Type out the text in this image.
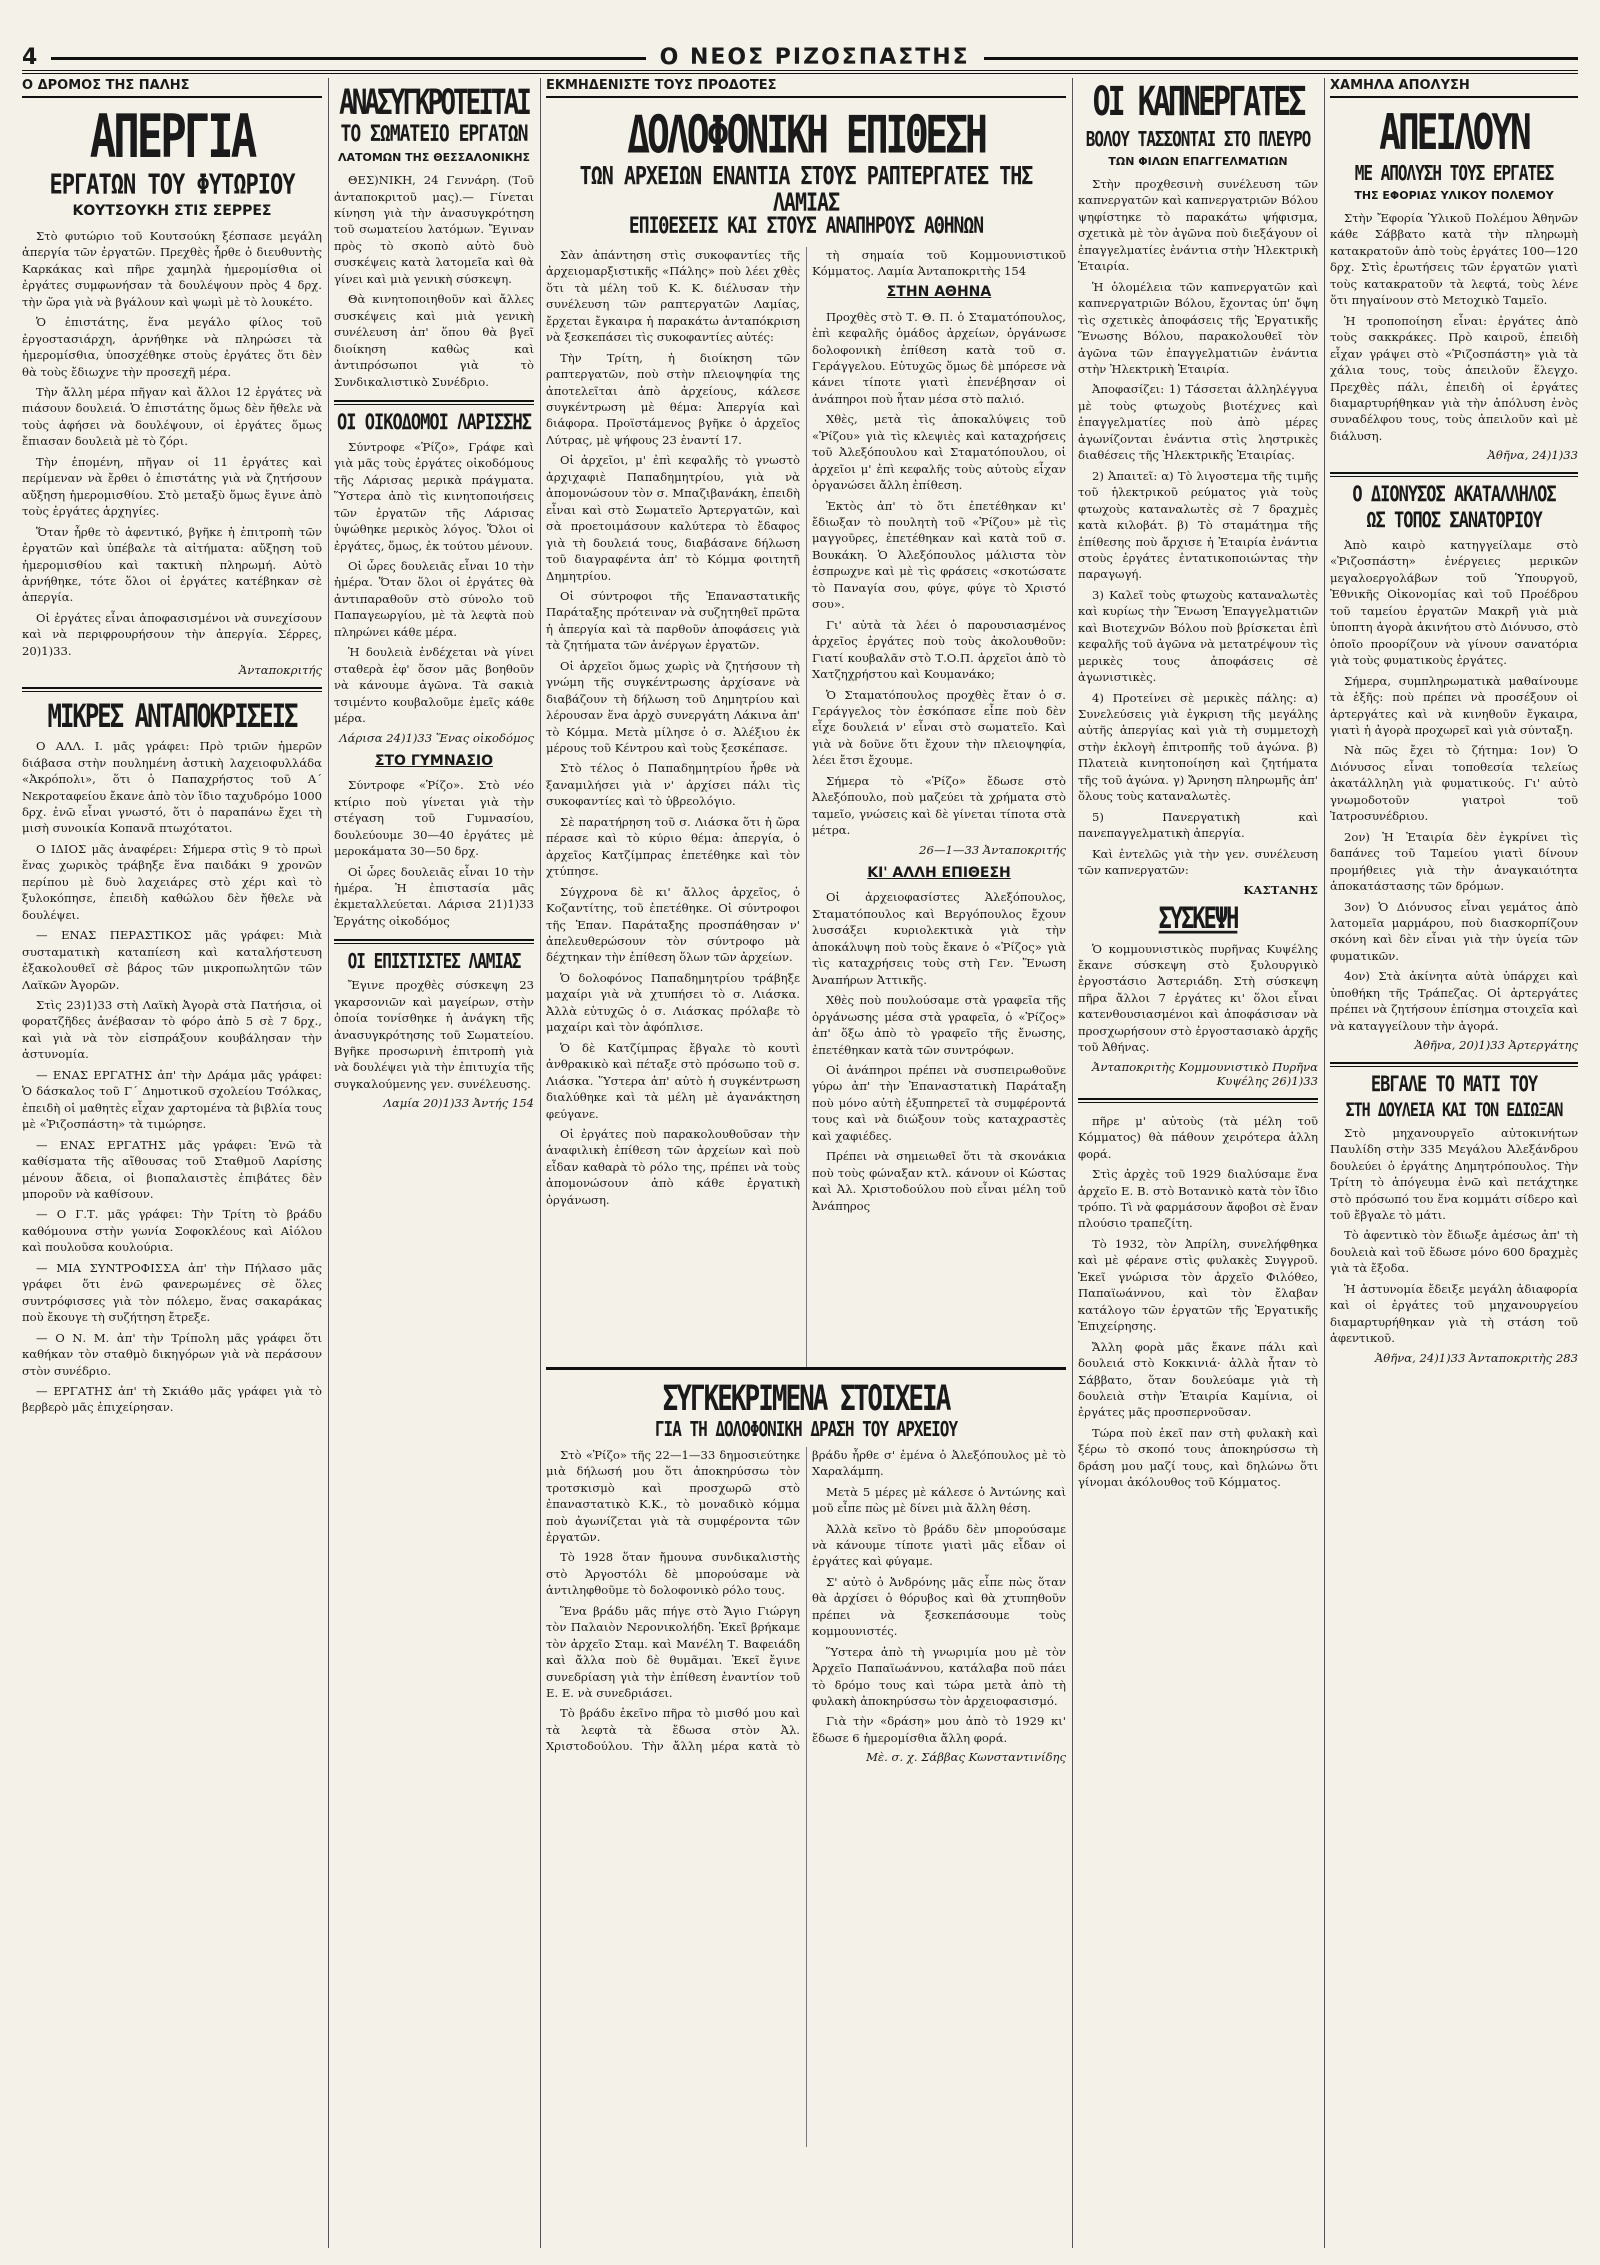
4	Ο ΝΕΟΣ ΡΙΖΟΣΠΑΣΤΗΣ
Ο ΔΡΟΜΟΣ ΤΗΣ ΠΑΛΗΣ
ΑΠΕΡΓΙΑ
ΕΡΓΑΤΩΝ ΤΟΥ ΦΥΤΩΡΙΟΥ
ΚΟΥΤΣΟΥΚΗ ΣΤΙΣ ΣΕΡΡΕΣ

Στὸ φυτώριο τοῦ Κουτσούκη ξέσπασε μεγάλη ἀπεργία τῶν ἐργατῶν. Πρεχθὲς ἦρθε ὁ διευθυντὴς Καρκάκας καὶ πῆρε χαμηλὰ ἡμερομίσθια οἱ ἐργάτες συμφωνήσαν τὰ δουλέψουν πρὸς 4 δρχ. τὴν ὥρα γιὰ νὰ βγάλουν καὶ ψωμὶ μὲ τὸ λουκέτο.

Ὁ ἐπιστάτης, ἕνα μεγάλο φίλος τοῦ ἐργοστασιάρχη, ἀρνήθηκε νὰ πληρώσει τὰ ἡμερομίσθια, ὑποσχέθηκε στοὺς ἐργάτες ὅτι δὲν θὰ τοὺς ἔδιωχνε τὴν προσεχῆ μέρα.

Τὴν ἄλλη μέρα πῆγαν καὶ ἄλλοι 12 ἐργάτες νὰ πιάσουν δουλειά. Ὁ ἐπιστάτης ὅμως δὲν ἤθελε νὰ τοὺς ἀφήσει νὰ δουλέψουν, οἱ ἐργάτες ὅμως ἔπιασαν δουλειὰ μὲ τὸ ζόρι.

Τὴν ἐπομένη, πῆγαν οἱ 11 ἐργάτες καὶ περίμεναν νὰ ἔρθει ὁ ἐπιστάτης γιὰ νὰ ζητήσουν αὔξηση ἡμερομισθίου. Στὸ μεταξὺ ὅμως ἔγινε ἀπὸ τοὺς ἐργάτες ἀρχηγίες.

Ὅταν ἦρθε τὸ ἀφεντικό, βγῆκε ἡ ἐπιτροπὴ τῶν ἐργατῶν καὶ ὑπέβαλε τὰ αἰτήματα: αὔξηση τοῦ ἡμερομισθίου καὶ τακτικὴ πληρωμή. Αὐτὸ ἀρνήθηκε, τότε ὅλοι οἱ ἐργάτες κατέβηκαν σὲ ἀπεργία.

Οἱ ἐργάτες εἶναι ἀποφασισμένοι νὰ συνεχίσουν καὶ νὰ περιφρουρήσουν τὴν ἀπεργία. Σέρρες, 20)1)33.

Ἀνταποκριτής
ΜΙΚΡΕΣ ΑΝΤΑΠΟΚΡΙΣΕΙΣ

Ο ΑΛΛ. Ι. μᾶς γράφει: Πρὸ τριῶν ἡμερῶν διάβασα στὴν πουλημένη ἀστικὴ λαχειοφυλλάδα «Ἀκρόπολι», ὅτι ὁ Παπαχρήστος τοῦ Α΄ Νεκροταφείου ἔκανε ἀπὸ τὸν ἴδιο ταχυδρόμο 1000 δρχ. ἐνῶ εἶναι γνωστό, ὅτι ὁ παραπάνω ἔχει τὴ μισὴ συνοικία Κοπανᾶ πτωχότατοι.

Ο ΙΔΙΟΣ μᾶς ἀναφέρει: Σήμερα στὶς 9 τὸ πρωὶ ἕνας χωρικὸς τράβηξε ἕνα παιδάκι 9 χρονῶν περίπου μὲ δυὸ λαχειάρες στὸ χέρι καὶ τὸ ξυλοκόπησε, ἐπειδὴ καθώλου δὲν ἤθελε νὰ δουλέψει.

— ΕΝΑΣ ΠΕΡΑΣΤΙΚΟΣ μᾶς γράφει: Μιὰ συσταματικὴ καταπίεση καὶ καταλήστευση ἐξακολουθεῖ σὲ βάρος τῶν μικροπωλητῶν τῶν Λαϊκῶν Ἀγορῶν.

Στὶς 23)1)33 στὴ Λαϊκὴ Ἀγορὰ στὰ Πατήσια, οἱ φορατζῆδες ἀνέβασαν τὸ φόρο ἀπὸ 5 σὲ 7 δρχ., καὶ γιὰ νὰ τὸν εἰσπράξουν κουβάλησαν τὴν ἀστυνομία.

— ΕΝΑΣ ΕΡΓΑΤΗΣ ἀπ' τὴν Δράμα μᾶς γράφει: Ὁ δάσκαλος τοῦ Γ΄ Δημοτικοῦ σχολείου Τσόλκας, ἐπειδὴ οἱ μαθητὲς εἶχαν χαρτομένα τὰ βιβλία τους μὲ «Ῥιζοσπάστη» τὰ τιμώρησε.

— ΕΝΑΣ ΕΡΓΑΤΗΣ μᾶς γράφει: Ἐνῶ τὰ καθίσματα τῆς αἴθουσας τοῦ Σταθμοῦ Λαρίσης μένουν ἄδεια, οἱ βιοπαλαιστὲς ἐπιβάτες δὲν μποροῦν νὰ καθίσουν.

— Ο Γ.Τ. μᾶς γράφει: Τὴν Τρίτη τὸ βράδυ καθόμουνα στὴν γωνία Σοφοκλέους καὶ Αἰόλου καὶ πουλοῦσα κουλούρια.

— ΜΙΑ ΣΥΝΤΡΟΦΙΣΣΑ ἀπ' τὴν Πήλασο μᾶς γράφει ὅτι ἐνῶ φανερωμένες σὲ ὅλες συντρόφισσες γιὰ τὸν πόλεμο, ἕνας σακαράκας ποὺ ἔκουγε τὴ συζήτηση ἔτρεξε.

— Ο Ν. Μ. ἀπ' τὴν Τρίπολη μᾶς γράφει ὅτι καθήκαν τὸν σταθμὸ δικηγόρων γιὰ νὰ περάσουν στὸν συνέδριο.

— ΕΡΓΑΤΗΣ ἀπ' τὴ Σκιάθο μᾶς γράφει γιὰ τὸ βερβερὸ μᾶς ἐπιχείρησαν.

ΑΝΑΣΥΓΚΡΟΤΕΙΤΑΙ
ΤΟ ΣΩΜΑΤΕΙΟ ΕΡΓΑΤΩΝ
ΛΑΤΟΜΩΝ ΤΗΣ ΘΕΣΣΑΛΟΝΙΚΗΣ

ΘΕΣ)ΝΙΚΗ, 24 Γεννάρη. (Τοῦ ἀνταποκριτοῦ μας).— Γίνεται κίνηση γιὰ τὴν ἀνασυγκρότηση τοῦ σωματείου λατόμων. Ἔγιναν πρὸς τὸ σκοπὸ αὐτὸ δυὸ συσκέψεις κατὰ λατομεῖα καὶ θὰ γίνει καὶ μιὰ γενικὴ σύσκεψη.

Θὰ κινητοποιηθοῦν καὶ ἄλλες συσκέψεις καὶ μιὰ γενικὴ συνέλευση ἀπ' ὅπου θὰ βγεῖ διοίκηση καθὼς καὶ ἀντιπρόσωποι γιὰ τὸ Συνδικαλιστικὸ Συνέδριο.

ΟΙ ΟΙΚΟΔΟΜΟΙ ΛΑΡΙΣΣΗΣ

Σύντροφε «Ῥίζο», Γράφε καὶ γιὰ μᾶς τοὺς ἐργάτες οἰκοδόμους τῆς Λάρισας μερικὰ πράγματα. Ὕστερα ἀπὸ τὶς κινητοποιήσεις τῶν ἐργατῶν τῆς Λάρισας ὑψώθηκε μερικὸς λόγος. Ὅλοι οἱ ἐργάτες, ὅμως, ἐκ τούτου μένουν.

Οἱ ὧρες δουλειᾶς εἶναι 10 τὴν ἡμέρα. Ὅταν ὅλοι οἱ ἐργάτες θὰ ἀντιπαραθοῦν στὸ σύνολο τοῦ Παπαγεωργίου, μὲ τὰ λεφτὰ ποὺ πληρώνει κάθε μέρα.

Ἡ δουλειὰ ἐνδέχεται νὰ γίνει σταθερὰ ἐφ' ὅσον μᾶς βοηθοῦν νὰ κάνουμε ἀγῶνα. Τὰ σακιὰ τσιμέντο κουβαλοῦμε ἐμεῖς κάθε μέρα.

Λάρισα 24)1)33 Ἕνας οἰκοδόμος
ΣΤΟ ΓΥΜΝΑΣΙΟ

Σύντροφε «Ῥίζο». Στὸ νέο κτίριο ποὺ γίνεται γιὰ τὴν στέγαση τοῦ Γυμνασίου, δουλεύουμε 30—40 ἐργάτες μὲ μεροκάματα 30—50 δρχ.

Οἱ ὧρες δουλειᾶς εἶναι 10 τὴν ἡμέρα. Ἡ ἐπιστασία μᾶς ἐκμεταλλεύεται. Λάρισα 21)1)33 Ἐργάτης οἰκοδόμος

ΟΙ ΕΠΙΣΤΙΣΤΕΣ ΛΑΜΙΑΣ

Ἔγινε προχθὲς σύσκεψη 23 γκαρσονιῶν καὶ μαγείρων, στὴν ὁποία τονίσθηκε ἡ ἀνάγκη τῆς ἀνασυγκρότησης τοῦ Σωματείου. Βγῆκε προσωρινὴ ἐπιτροπὴ γιὰ νὰ δουλέψει γιὰ τὴν ἐπιτυχία τῆς συγκαλούμενης γεν. συνέλευσης.

Λαμία 20)1)33 Ἀντής 154
ΕΚΜΗΔΕΝΙΣΤΕ ΤΟΥΣ ΠΡΟΔΟΤΕΣ
ΔΟΛΟΦΟΝΙΚΗ ΕΠΙΘΕΣΗ
ΤΩΝ ΑΡΧΕΙΩΝ ΕΝΑΝΤΙΑ ΣΤΟΥΣ ΡΑΠΤΕΡΓΑΤΕΣ ΤΗΣ ΛΑΜΙΑΣ
ΕΠΙΘΕΣΕΙΣ ΚΑΙ ΣΤΟΥΣ ΑΝΑΠΗΡΟΥΣ ΑΘΗΝΩΝ

Σὰν ἀπάντηση στὶς συκοφαντίες τῆς ἀρχειομαρξιστικῆς «Πάλης» ποὺ λέει χθὲς ὅτι τὰ μέλη τοῦ Κ. Κ. διέλυσαν τὴν συνέλευση τῶν ραπτεργατῶν Λαμίας, ἔρχεται ἔγκαιρα ἡ παρακάτω ἀνταπόκριση νὰ ξεσκεπάσει τὶς συκοφαντίες αὐτές:

Τὴν Τρίτη, ἡ διοίκηση τῶν ραπτεργατῶν, ποὺ στὴν πλειοψηφία της ἀποτελεῖται ἀπὸ ἀρχείους, κάλεσε συγκέντρωση μὲ θέμα: Ἀπεργία καὶ διάφορα. Προϊστάμενος βγῆκε ὁ ἀρχεῖος Λύτρας, μὲ ψήφους 23 ἐναντί 17.

Οἱ ἀρχεῖοι, μ' ἐπὶ κεφαλῆς τὸ γνωστὸ ἀρχιχαφιὲ Παπαδημητρίου, γιὰ νὰ ἀπομονώσουν τὸν σ. Μπαζιβανάκη, ἐπειδὴ εἶναι καὶ στὸ Σωματεῖο Ἀρτεργατῶν, καὶ σὰ προετοιμάσουν καλύτερα τὸ ἔδαφος γιὰ τὴ δουλειά τους, διαβάσανε δήλωση τοῦ διαγραφέντα ἀπ' τὸ Κόμμα φοιτητῆ Δημητρίου.

Οἱ σύντροφοι τῆς Ἐπαναστατικῆς Παράταξης πρότειναν νὰ συζητηθεῖ πρῶτα ἡ ἀπεργία καὶ τὰ παρθοῦν ἀποφάσεις γιὰ τὰ ζητήματα τῶν ἀνέργων ἐργατῶν.

Οἱ ἀρχεῖοι ὅμως χωρὶς νὰ ζητήσουν τὴ γνώμη τῆς συγκέντρωσης ἀρχίσανε νὰ διαβάζουν τὴ δήλωση τοῦ Δημητρίου καὶ λέρουσαν ἕνα ἀρχὸ συνεργάτη Λάκινα ἀπ' τὸ Κόμμα. Μετὰ μίλησε ὁ σ. Ἀλέξιου ἐκ μέρους τοῦ Κέντρου καὶ τοὺς ξεσκέπασε.

Στὸ τέλος ὁ Παπαδημητρίου ἦρθε νὰ ξαναμιλήσει γιὰ ν' ἀρχίσει πάλι τὶς συκοφαντίες καὶ τὸ ὑβρεολόγιο.

Σὲ παρατήρηση τοῦ σ. Λιάσκα ὅτι ἡ ὥρα πέρασε καὶ τὸ κύριο θέμα: ἀπεργία, ὁ ἀρχεῖος Κατζίμπρας ἐπετέθηκε καὶ τὸν χτύπησε.

Σύγχρονα δὲ κι' ἄλλος ἀρχεῖος, ὁ Κοζαντίτης, τοῦ ἐπετέθηκε. Οἱ σύντροφοι τῆς Ἐπαν. Παράταξης προσπάθησαν ν' ἀπελευθερώσουν τὸν σύντροφο μὰ δέχτηκαν τὴν ἐπίθεση ὅλων τῶν ἀρχείων.

Ὁ δολοφόνος Παπαδημητρίου τράβηξε μαχαίρι γιὰ νὰ χτυπήσει τὸ σ. Λιάσκα. Ἀλλὰ εὐτυχῶς ὁ σ. Λιάσκας πρόλαβε τὸ μαχαίρι καὶ τὸν ἀφόπλισε.

Ὁ δὲ Κατζίμπρας ἔβγαλε τὸ κουτὶ ἀνθρακικὸ καὶ πέταξε στὸ πρόσωπο τοῦ σ. Λιάσκα. Ὕστερα ἀπ' αὐτὸ ἡ συγκέντρωση διαλύθηκε καὶ τὰ μέλη μὲ ἀγανάκτηση φεύγανε.

Οἱ ἐργάτες ποὺ παρακολουθοῦσαν τὴν ἀναφιλικὴ ἐπίθεση τῶν ἀρχείων καὶ ποὺ εἶδαν καθαρὰ τὸ ρόλο της, πρέπει νὰ τοὺς ἀπομονώσουν ἀπὸ κάθε ἐργατικὴ ὀργάνωση.

τὴ σημαία τοῦ Κομμουνιστικοῦ Κόμματος. Λαμία Ἀνταποκριτὴς 154

ΣΤΗΝ ΑΘΗΝΑ

Προχθὲς στὸ Τ. Θ. Π. ὁ Σταματόπουλος, ἐπὶ κεφαλῆς ὁμάδος ἀρχείων, ὀργάνωσε δολοφονικὴ ἐπίθεση κατὰ τοῦ σ. Γεράγγελου. Εὐτυχῶς ὅμως δὲ μπόρεσε νὰ κάνει τίποτε γιατὶ ἐπενέβησαν οἱ ἀνάπηροι ποὺ ἦταν μέσα στὸ παλιό.

Χθὲς, μετὰ τὶς ἀποκαλύψεις τοῦ «Ῥίζου» γιὰ τὶς κλεψιὲς καὶ καταχρήσεις τοῦ Ἀλεξόπουλου καὶ Σταματόπουλου, οἱ ἀρχεῖοι μ' ἐπὶ κεφαλῆς τοὺς αὐτοὺς εἶχαν ὀργανώσει ἄλλη ἐπίθεση.

Ἐκτὸς ἀπ' τὸ ὅτι ἐπετέθηκαν κι' ἔδιωξαν τὸ πουλητὴ τοῦ «Ῥίζου» μὲ τὶς μαγγοῦρες, ἐπετέθηκαν καὶ κατὰ τοῦ σ. Βουκάκη. Ὁ Ἀλεξόπουλος μάλιστα τὸν ἐσπρωχνε καὶ μὲ τὶς φράσεις «σκοτώσατε τὸ Παναγία σου, φύγε, φύγε τὸ Χριστό σου».

Γι' αὐτὰ τὰ λέει ὁ παρουσιασμένος ἀρχεῖος ἐργάτες ποὺ τοὺς ἀκολουθοῦν: Γιατί κουβαλᾶν στὸ Τ.Ο.Π. ἀρχεῖοι ἀπὸ τὸ Χατζηχρήστου καὶ Κουμανάκο;

Ὁ Σταματόπουλος προχθὲς ἔταν ὁ σ. Γεράγγελος τὸν ἐσκόπασε εἶπε ποὺ δὲν εἶχε δουλειά ν' εἶναι στὸ σωματεῖο. Καὶ γιὰ νὰ δοῦνε ὅτι ἔχουν τὴν πλειοψηφία, λέει ἔτσι ἔχουμε.

Σήμερα τὸ «Ῥίζο» ἔδωσε στὸ Ἀλεξόπουλο, ποὺ μαζεύει τὰ χρήματα στὸ ταμεῖο, γνώσεις καὶ δὲ γίνεται τίποτα στὰ μέτρα.

26—1—33 Ἀνταποκριτής
ΚΙ' ΑΛΛΗ ΕΠΙΘΕΣΗ

Οἱ ἀρχειοφασίστες Ἀλεξόπουλος, Σταματόπουλος καὶ Βεργόπουλος ἔχουν λυσσάξει κυριολεκτικὰ γιὰ τὴν ἀποκάλυψη ποὺ τοὺς ἔκανε ὁ «Ῥίζος» γιὰ τὶς καταχρήσεις τοὺς στὴ Γεν. Ἕνωση Ἀναπήρων Ἀττικῆς.

Χθὲς ποὺ πουλούσαμε στὰ γραφεῖα τῆς ὀργάνωσης μέσα στὰ γραφεῖα, ὁ «Ῥίζος» ἀπ' ὅξω ἀπὸ τὸ γραφεῖο τῆς ἔνωσης, ἐπετέθηκαν κατὰ τῶν συντρόφων.

Οἱ ἀνάπηροι πρέπει νὰ συσπειρωθοῦνε γύρω ἀπ' τὴν Ἐπαναστατικὴ Παράταξη ποὺ μόνο αὐτὴ ἐξυπηρετεῖ τὰ συμφέροντά τους καὶ νὰ διώξουν τοὺς καταχραστὲς καὶ χαφιέδες.

Πρέπει νὰ σημειωθεῖ ὅτι τὰ σκονάκια ποὺ τοὺς φώναξαν κτλ. κάνουν οἱ Κώστας καὶ Ἀλ. Χριστοδούλου ποὺ εἶναι μέλη τοῦ Ἀνάπηρος

ΣΥΓΚΕΚΡΙΜΕΝΑ ΣΤΟΙΧΕΙΑ
ΓΙΑ ΤΗ ΔΟΛΟΦΟΝΙΚΗ ΔΡΑΣΗ ΤΟΥ ΑΡΧΕΙΟΥ

Στὸ «Ῥίζο» τῆς 22—1—33 δημοσιεύτηκε μιὰ δήλωσή μου ὅτι ἀποκηρύσσω τὸν τροτσκισμὸ καὶ προσχωρῶ στὸ ἐπαναστατικὸ Κ.Κ., τὸ μοναδικὸ κόμμα ποὺ ἀγωνίζεται γιὰ τὰ συμφέροντα τῶν ἐργατῶν.

Τὸ 1928 ὅταν ἤμουνα συνδικαλιστὴς στὸ Ἀργοστόλι δὲ μπορούσαμε νὰ ἀντιληφθοῦμε τὸ δολοφονικὸ ρόλο τους.

Ἕνα βράδυ μᾶς πήγε στὸ Ἄγιο Γιώργη τὸν Παλαιὸν Νερονικολήδη. Ἐκεῖ βρήκαμε τὸν ἀρχεῖο Σταμ. καὶ Μανέλη Τ. Βαφειάδη καὶ ἄλλα ποὺ δὲ θυμᾶμαι. Ἐκεῖ ἔγινε συνεδρίαση γιὰ τὴν ἐπίθεση ἐναντίον τοῦ Ε. Ε. νὰ συνεδριάσει.

Τὸ βράδυ ἐκεῖνο πῆρα τὸ μισθό μου καὶ τὰ λεφτὰ τὰ ἔδωσα στὸν Ἀλ. Χριστοδούλου. Τὴν ἄλλη μέρα κατὰ τὸ βράδυ ἦρθε σ' ἐμένα ὁ Ἀλεξόπουλος μὲ τὸ Χαραλάμπη.

Μετὰ 5 μέρες μὲ κάλεσε ὁ Ἀντώνης καὶ μοῦ εἶπε πὼς μὲ δίνει μιὰ ἄλλη θέση.

Ἀλλὰ κεῖνο τὸ βράδυ δὲν μπορούσαμε νὰ κάνουμε τίποτε γιατὶ μᾶς εἶδαν οἱ ἐργάτες καὶ φύγαμε.

Σ' αὐτὸ ὁ Ἀνδρόνης μᾶς εἶπε πὼς ὅταν θὰ ἀρχίσει ὁ θόρυβος καὶ θὰ χτυπηθοῦν πρέπει νὰ ξεσκεπάσουμε τοὺς κομμουνιστές.

Ὕστερα ἀπὸ τὴ γνωριμία μου μὲ τὸν Ἀρχεῖο Παπαϊωάννου, κατάλαβα ποῦ πάει τὸ δρόμο τους καὶ τώρα μετὰ ἀπὸ τὴ φυλακὴ ἀποκηρύσσω τὸν ἀρχειοφασισμό.

Γιὰ τὴν «δράση» μου ἀπὸ τὸ 1929 κι' ἔδωσε 6 ἡμερομίσθια ἄλλη φορά.

Μὲ. σ. χ. Σάββας Κωνσταντινίδης
ΟΙ ΚΑΠΝΕΡΓΑΤΕΣ
ΒΟΛΟΥ ΤΑΣΣΟΝΤΑΙ ΣΤΟ ΠΛΕΥΡΟ
ΤΩΝ ΦΙΛΩΝ ΕΠΑΓΓΕΛΜΑΤΙΩΝ

Στὴν προχθεσινὴ συνέλευση τῶν καπνεργατῶν καὶ καπνεργατριῶν Βόλου ψηφίστηκε τὸ παρακάτω ψήφισμα, σχετικὰ μὲ τὸν ἀγῶνα ποὺ διεξάγουν οἱ ἐπαγγελματίες ἐνάντια στὴν Ἠλεκτρικὴ Ἑταιρία.

Ἡ ὁλομέλεια τῶν καπνεργατῶν καὶ καπνεργατριῶν Βόλου, ἔχοντας ὑπ' ὄψη τὶς σχετικὲς ἀποφάσεις τῆς Ἐργατικῆς Ἕνωσης Βόλου, παρακολουθεῖ τὸν ἀγῶνα τῶν ἐπαγγελματιῶν ἐνάντια στὴν Ἠλεκτρικὴ Ἑταιρία.

Ἀποφασίζει: 1) Τάσσεται ἀλληλέγγυα μὲ τοὺς φτωχοὺς βιοτέχνες καὶ ἐπαγγελματίες ποὺ ἀπὸ μέρες ἀγωνίζονται ἐνάντια στὶς ληστρικὲς διαθέσεις τῆς Ἠλεκτρικῆς Ἑταιρίας.

2) Ἀπαιτεῖ: α) Τὸ λιγοστεμα τῆς τιμῆς τοῦ ἠλεκτρικοῦ ρεύματος γιὰ τοὺς φτωχοὺς καταναλωτὲς σὲ 7 δραχμὲς κατὰ κιλοβάτ. β) Τὸ σταμάτημα τῆς ἐπίθεσης ποὺ ἄρχισε ἡ Ἑταιρία ἐνάντια στοὺς ἐργάτες ἐντατικοποιώντας τὴν παραγωγή.

3) Καλεῖ τοὺς φτωχοὺς καταναλωτὲς καὶ κυρίως τὴν Ἕνωση Ἐπαγγελματιῶν καὶ Βιοτεχνῶν Βόλου ποὺ βρίσκεται ἐπὶ κεφαλῆς τοῦ ἀγῶνα νὰ μετατρέψουν τὶς μερικὲς τους ἀποφάσεις σὲ ἀγωνιστικὲς.

4) Προτείνει σὲ μερικὲς πάλης: α) Συνελεύσεις γιὰ ἐγκριση τῆς μεγάλης αὐτῆς ἀπεργίας καὶ γιὰ τὴ συμμετοχὴ στὴν ἐκλογὴ ἐπιτροπῆς τοῦ ἀγώνα. β) Πλατειὰ κινητοποίηση καὶ ζητήματα τῆς τοῦ ἀγώνα. γ) Ἄρνηση πληρωμῆς ἀπ' ὅλους τοὺς καταναλωτὲς.

5) Πανεργατικὴ καὶ πανεπαγγελματικὴ ἀπεργία.

Καὶ ἐντελῶς γιὰ τὴν γεν. συνέλευση τῶν καπνεργατῶν:

ΚΑΣΤΑΝΗΣ
ΣΥΣΚΕΨΗ

Ὁ κομμουνιστικὸς πυρῆνας Κυψέλης ἔκανε σύσκεψη στὸ ξυλουργικὸ ἐργοστάσιο Ἀστεριάδη. Στὴ σύσκεψη πῆρα ἄλλοι 7 ἐργάτες κι' ὅλοι εἶναι κατενθουσιασμένοι καὶ ἀποφάσισαν νὰ προσχωρήσουν στὸ ἐργοστασιακὸ ἀρχῆς τοῦ Ἀθήνας.

Ἀνταποκριτὴς Κομμουνιστικὸ Πυρῆνα Κυψέλης 26)1)33

πῆρε μ' αὐτοὺς (τὰ μέλη τοῦ Κόμματος) θὰ πάθουν χειρότερα ἀλλη φορά.

Στὶς ἀρχὲς τοῦ 1929 διαλύσαμε ἕνα ἀρχεῖο Ε. Β. στὸ Βοτανικὸ κατὰ τὸν ἴδιο τρόπο. Τὶ νὰ φαρμάσουν ἄφοβοι σὲ ἔναν πλούσιο τραπεζίτη.

Τὸ 1932, τὸν Ἀπρίλη, συνελήφθηκα καὶ μὲ φέρανε στὶς φυλακὲς Συγγροῦ. Ἐκεῖ γνώρισα τὸν ἀρχεῖο Φιλόθεο, Παπαϊωάννου, καὶ τὸν ἔλαβαν κατάλογο τῶν ἐργατῶν τῆς Ἐργατικῆς Ἐπιχείρησης.

Ἄλλη φορὰ μᾶς ἔκανε πάλι καὶ δουλειά στὸ Κοκκινιά· ἀλλὰ ἦταν τὸ Σάββατο, ὅταν δουλεύαμε γιὰ τὴ δουλειὰ στὴν Ἑταιρία Καμίνια, οἱ ἐργάτες μᾶς προσπερνοῦσαν.

Τώρα ποὺ ἐκεῖ παν στὴ φυλακὴ καὶ ξέρω τὸ σκοπό τους ἀποκηρύσσω τὴ δράση μου μαζί τους, καὶ δηλώνω ὅτι γίνομαι ἀκόλουθος τοῦ Κόμματος.

ΧΑΜΗΛΑ ΑΠΟΛΥΣΗ
ΑΠΕΙΛΟΥΝ
ΜΕ ΑΠΟΛΥΣΗ ΤΟΥΣ ΕΡΓΑΤΕΣ
ΤΗΣ ΕΦΟΡΙΑΣ ΥΛΙΚΟΥ ΠΟΛΕΜΟΥ

Στὴν Ἔφορία Ὑλικοῦ Πολέμου Ἀθηνῶν κάθε Σάββατο κατὰ τὴν πληρωμὴ κατακρατοῦν ἀπὸ τοὺς ἐργάτες 100—120 δρχ. Στὶς ἐρωτήσεις τῶν ἐργατῶν γιατὶ τοὺς κατακρατοῦν τὰ λεφτά, τοὺς λένε ὅτι πηγαίνουν στὸ Μετοχικὸ Ταμεῖο.

Ἡ τροποποίηση εἶναι: ἐργάτες ἀπὸ τοὺς σακκράκες. Πρὸ καιροῦ, ἐπειδὴ εἶχαν γράψει στὸ «Ῥιζοσπάστη» γιὰ τὰ χάλια τους, τοὺς ἀπειλοῦν ἕλεγχο. Πρεχθὲς πάλι, ἐπειδὴ οἱ ἐργάτες διαμαρτυρήθηκαν γιὰ τὴν ἀπόλυση ἑνὸς συναδέλφου τους, τοὺς ἀπειλοῦν καὶ μὲ διάλυση.

Ἀθῆνα, 24)1)33
Ο ΔΙΟΝΥΣΟΣ ΑΚΑΤΑΛΛΗΛΟΣ
ΩΣ ΤΟΠΟΣ ΣΑΝΑΤΟΡΙΟΥ

Ἀπὸ καιρὸ κατηγγείλαμε στὸ «Ῥιζοσπάστη» ἐνέργειες μερικῶν μεγαλοεργολάβων τοῦ Ὑπουργοῦ, Ἐθνικῆς Οἰκονομίας καὶ τοῦ Προέδρου τοῦ ταμείου ἐργατῶν Μακρῆ γιὰ μιὰ ὑποπτη ἀγορὰ ἀκινήτου στὸ Διόνυσο, στὸ ὁποῖο προορίζουν νὰ γίνουν σανατόρια γιὰ τοὺς φυματικοὺς ἐργάτες.

Σήμερα, συμπληρωματικὰ μαθαίνουμε τὰ ἑξῆς: ποὺ πρέπει νὰ προσέξουν οἱ ἀρτεργάτες καὶ νὰ κινηθοῦν ἔγκαιρα, γιατὶ ἡ ἀγορὰ προχωρεῖ καὶ γιὰ σύνταξη.

Νὰ πῶς ἔχει τὸ ζήτημα: 1ον) Ὁ Διόνυσος εἶναι τοποθεσία τελείως ἀκατάλληλη γιὰ φυματικούς. Γι' αὐτὸ γνωμοδοτοῦν γιατροὶ τοῦ Ἰατροσυνέδριου.

2ον) Ἡ Ἑταιρία δὲν ἐγκρίνει τὶς δαπάνες τοῦ Ταμείου γιατὶ δίνουν προμήθειες γιὰ τὴν ἀναγκαιότητα ἀποκατάστασης τῶν δρόμων.

3ον) Ὁ Διόνυσος εἶναι γεμάτος ἀπὸ λατομεῖα μαρμάρου, ποὺ διασκορπίζουν σκόνη καὶ δὲν εἶναι γιὰ τὴν ὑγεία τῶν φυματικῶν.

4ον) Στὰ ἀκίνητα αὐτὰ ὑπάρχει καὶ ὑποθήκη τῆς Τράπεζας. Οἱ ἀρτεργάτες πρέπει νὰ ζητήσουν ἐπίσημα στοιχεῖα καὶ νὰ καταγγείλουν τὴν ἀγορά.

Ἀθῆνα, 20)1)33 Ἀρτεργάτης
ΕΒΓΑΛΕ ΤΟ ΜΑΤΙ ΤΟΥ
ΣΤΗ ΔΟΥΛΕΙΑ ΚΑΙ ΤΟΝ ΕΔΙΩΞΑΝ

Στὸ μηχανουργεῖο αὐτοκινήτων Παυλίδη στὴν 335 Μεγάλου Ἀλεξάνδρου δουλεύει ὁ ἐργάτης Δημητρόπουλος. Τὴν Τρίτη τὸ ἀπόγευμα ἐνῶ καὶ πετάχτηκε στὸ πρόσωπό του ἕνα κομμάτι σίδερο καὶ τοῦ ἔβγαλε τὸ μάτι.

Τὸ ἀφεντικὸ τὸν ἔδιωξε ἀμέσως ἀπ' τὴ δουλειὰ καὶ τοῦ ἔδωσε μόνο 600 δραχμὲς γιὰ τὰ ἔξοδα.

Ἡ ἀστυνομία ἔδειξε μεγάλη ἀδιαφορία καὶ οἱ ἐργάτες τοῦ μηχανουργείου διαμαρτυρήθηκαν γιὰ τὴ στάση τοῦ ἀφεντικοῦ.

Ἀθῆνα, 24)1)33 Ἀνταποκριτὴς 283
